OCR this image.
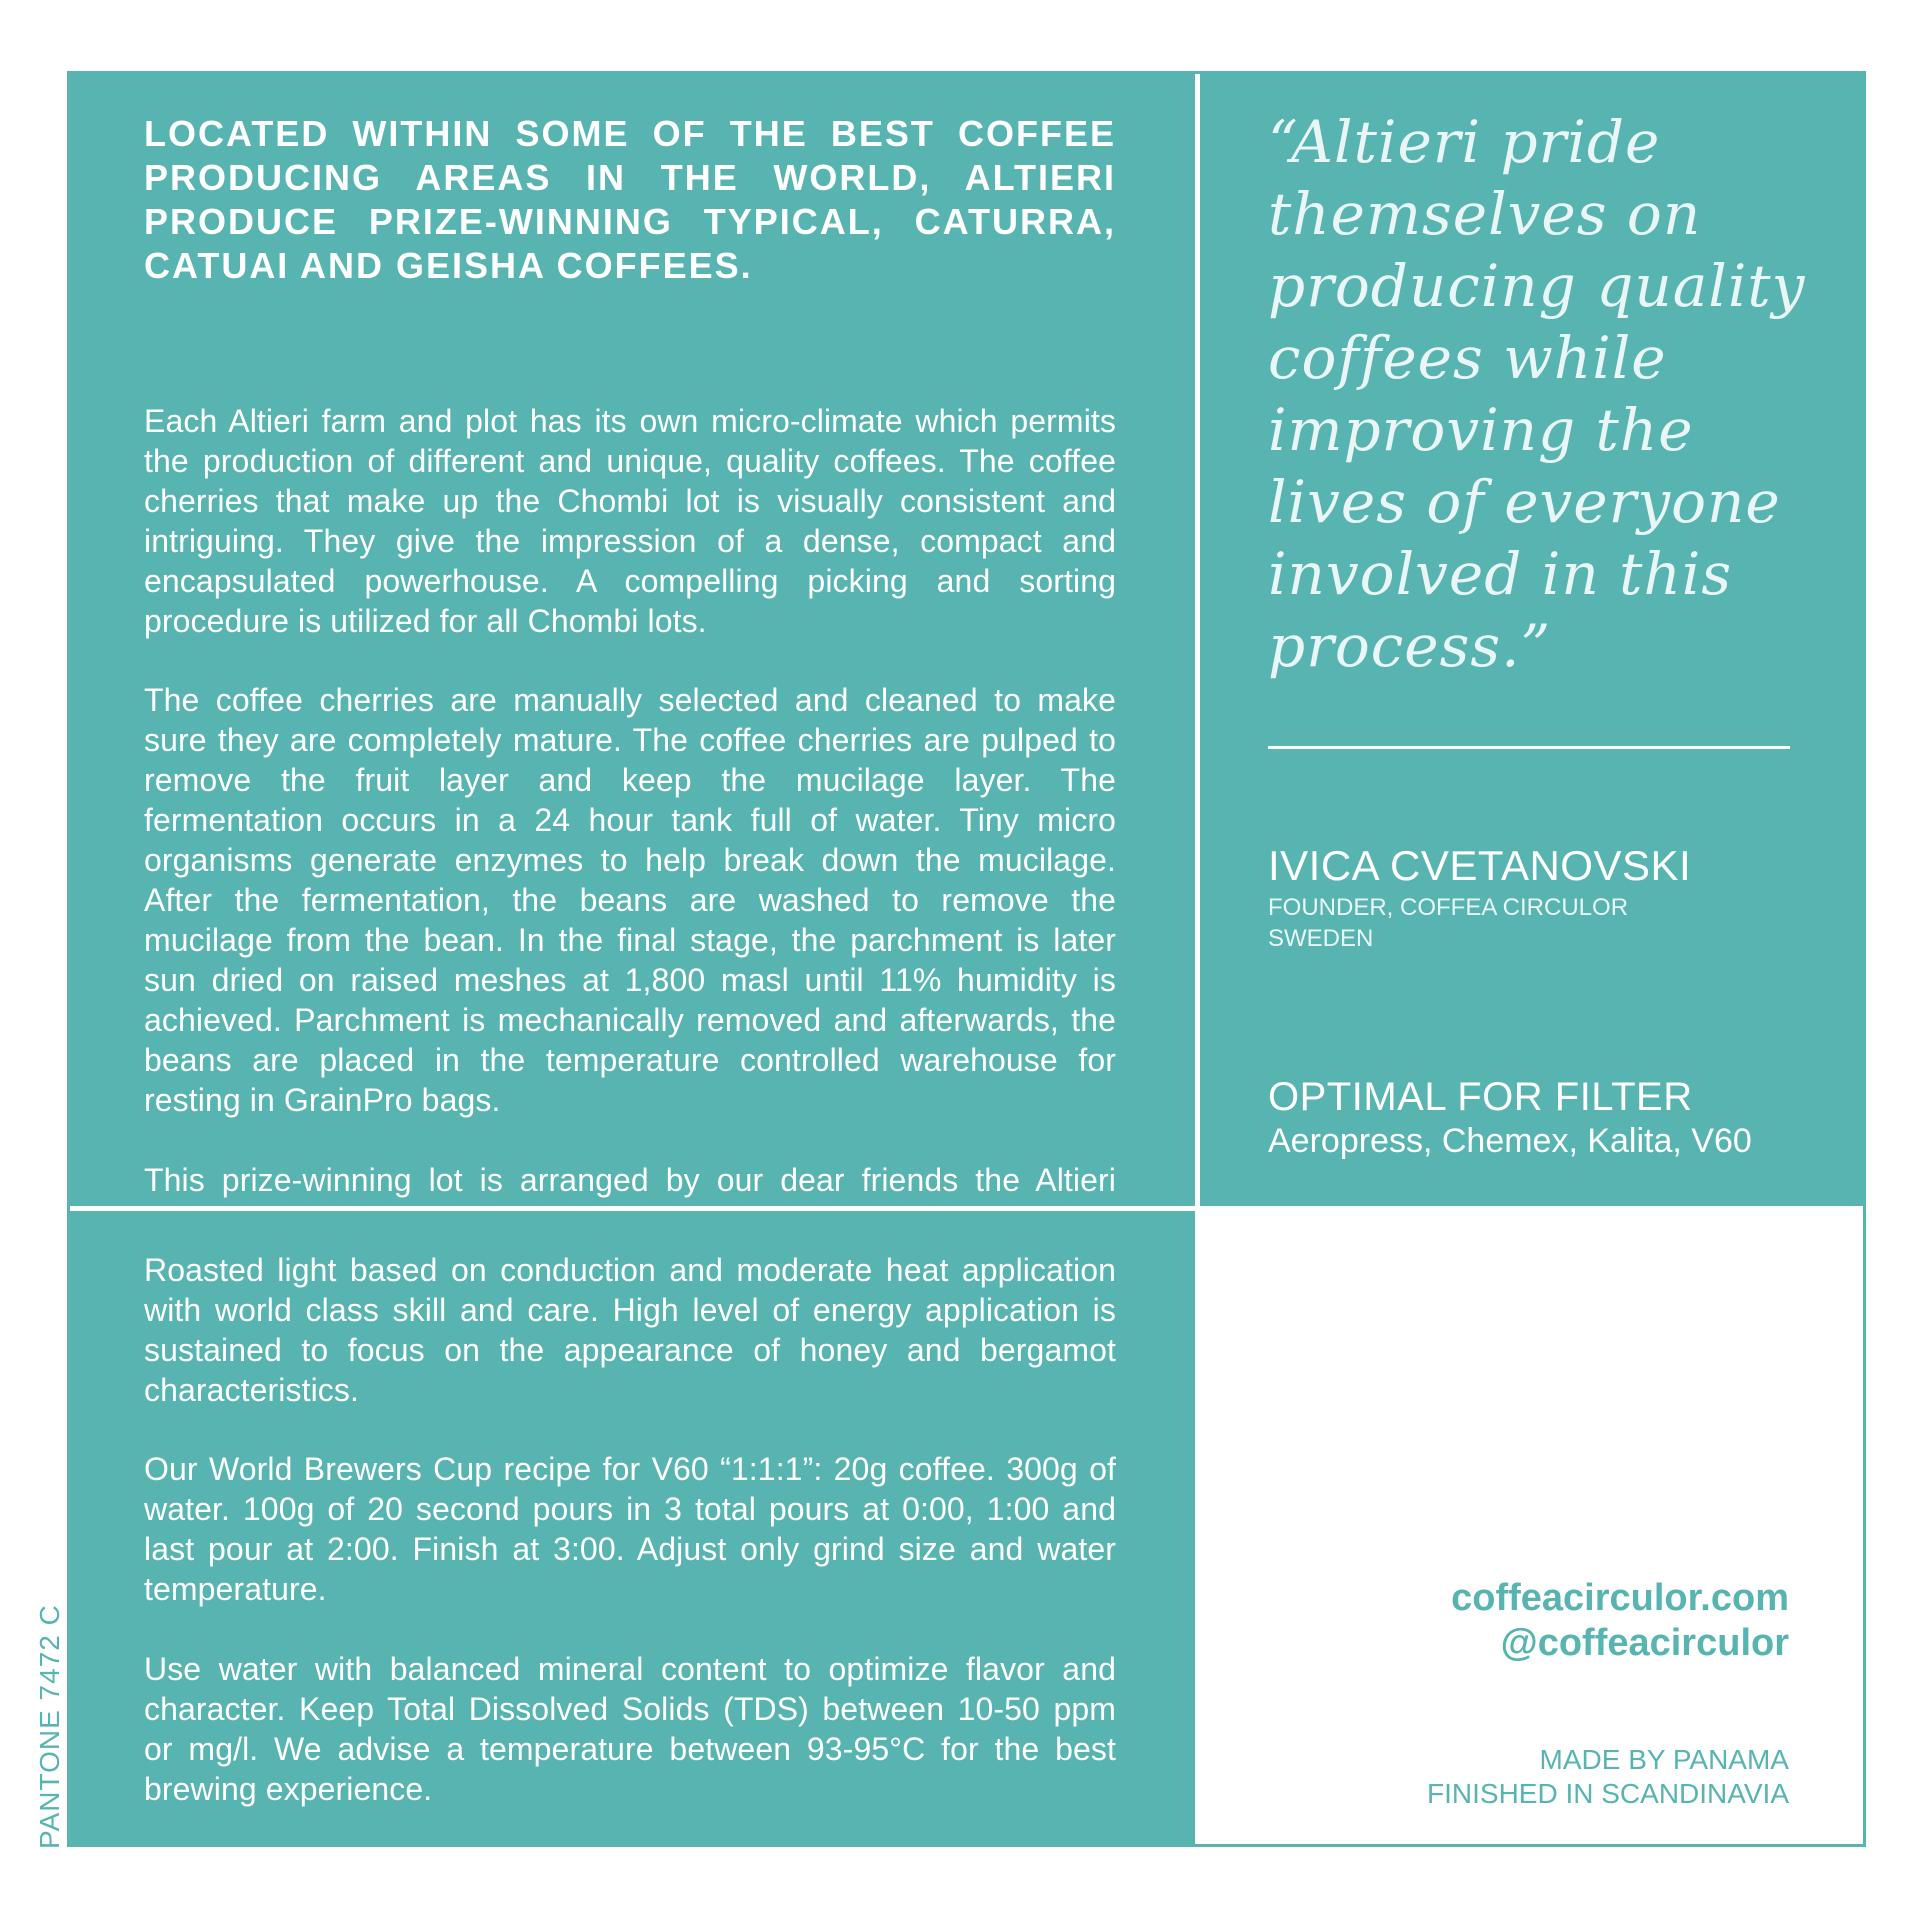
LOCATED WITHIN SOME OF THE BEST COFFEE PRODUCING AREAS IN THE WORLD, ALTIERI PRODUCE PRIZE-WINNING TYPICAL, CATURRA, CATUAI AND GEISHA COFFEES.

Each Altieri farm and plot has its own micro-climate which permits the production of different and unique, quality coffees. The coffee cherries that make up the Chombi lot is visually consistent and intriguing. They give the impression of a dense, compact and encapsulated powerhouse. A compelling picking and sorting procedure is utilized for all Chombi lots.

The coffee cherries are manually selected and cleaned to make sure they are completely mature. The coffee cherries are pulped to remove the fruit layer and keep the mucilage layer. The fermentation occurs in a 24 hour tank full of water. Tiny micro organisms generate enzymes to help break down the mucilage. After the fermentation, the beans are washed to remove the mucilage from the bean. In the final stage, the parchment is later sun dried on raised meshes at 1,800 masl until 11% humidity is achieved. Parchment is mechanically removed and afterwards, the beans are placed in the temperature controlled warehouse for resting in GrainPro bags.

This prize-winning lot is arranged by our dear friends the Altieri

“Altieri pride themselves on producing quality coffees while improving the lives of everyone involved in this process.”

IVICA CVETANOVSKI
FOUNDER, COFFEA CIRCULOR
SWEDEN
OPTIMAL FOR FILTER
Aeropress, Chemex, Kalita, V60

Roasted light based on conduction and moderate heat application with world class skill and care. High level of energy application is sustained to focus on the appearance of honey and bergamot characteristics.

Our World Brewers Cup recipe for V60 “1:1:1”: 20g coffee. 300g of water. 100g of 20 second pours in 3 total pours at 0:00, 1:00 and last pour at 2:00. Finish at 3:00. Adjust only grind size and water temperature.

Use water with balanced mineral content to optimize flavor and character. Keep Total Dissolved Solids (TDS) between 10-50 ppm or mg/l. We advise a temperature between 93-95°C for the best brewing experience.

coffeacirculor.com
@coffeacirculor
MADE BY PANAMA
FINISHED IN SCANDINAVIA
PANTONE 7472 C
